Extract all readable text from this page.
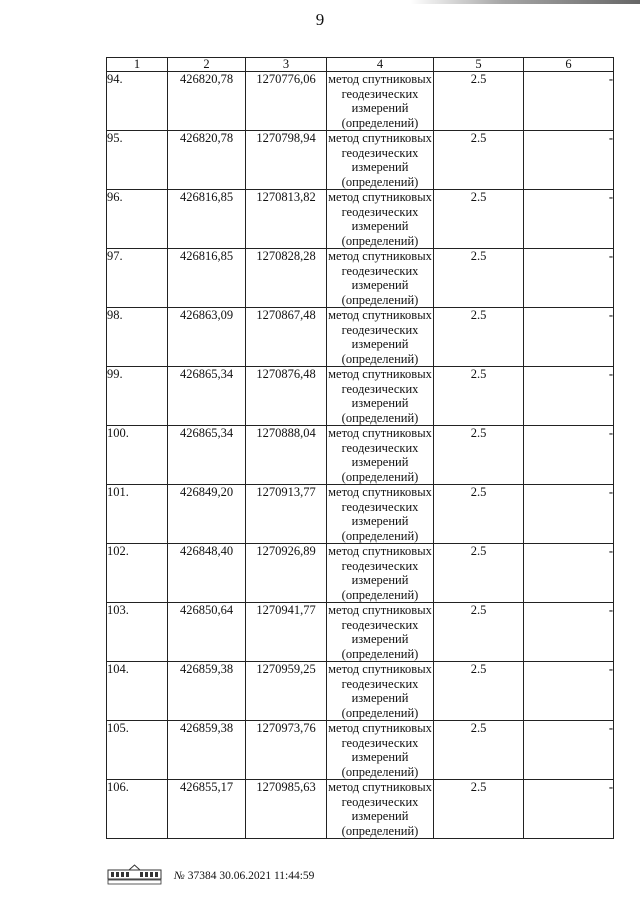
9
1	2	3	4	5	6
94.	426820,78	1270776,06	метод спутниковых геодезических измерений (определений)	2.5	-
95.	426820,78	1270798,94	метод спутниковых геодезических измерений (определений)	2.5	-
96.	426816,85	1270813,82	метод спутниковых геодезических измерений (определений)	2.5	-
97.	426816,85	1270828,28	метод спутниковых геодезических измерений (определений)	2.5	-
98.	426863,09	1270867,48	метод спутниковых геодезических измерений (определений)	2.5	-
99.	426865,34	1270876,48	метод спутниковых геодезических измерений (определений)	2.5	-
100.	426865,34	1270888,04	метод спутниковых геодезических измерений (определений)	2.5	-
101.	426849,20	1270913,77	метод спутниковых геодезических измерений (определений)	2.5	-
102.	426848,40	1270926,89	метод спутниковых геодезических измерений (определений)	2.5	-
103.	426850,64	1270941,77	метод спутниковых геодезических измерений (определений)	2.5	-
104.	426859,38	1270959,25	метод спутниковых геодезических измерений (определений)	2.5	-
105.	426859,38	1270973,76	метод спутниковых геодезических измерений (определений)	2.5	-
106.	426855,17	1270985,63	метод спутниковых геодезических измерений (определений)	2.5	-
№ 37384 30.06.2021 11:44:59
